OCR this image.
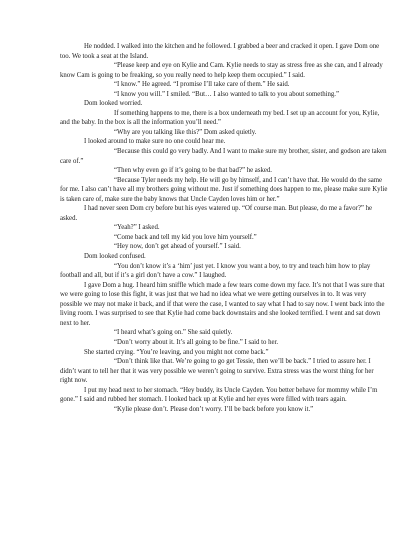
He nodded. I walked into the kitchen and he followed. I grabbed a beer and cracked it open. I gave Dom one too. We took a seat at the Island.

“Please keep and eye on Kylie and Cam. Kylie needs to stay as stress free as she can, and I already know Cam is going to be freaking, so you really need to help keep them occupied.” I said.

“I know.” He agreed. “I promise I’ll take care of them.” He said.

“I know you will.” I smiled. “But… I also wanted to talk to you about something.”

Dom looked worried.

If something happens to me, there is a box underneath my bed. I set up an account for you, Kylie, and the baby. In the box is all the information you’ll need.”

“Why are you talking like this?” Dom asked quietly.

I looked around to make sure no one could hear me.

“Because this could go very badly. And I want to make sure my brother, sister, and godson are taken care of.”

“Then why even go if it’s going to be that bad?” he asked.

“Because Tyler needs my help. He will go by himself, and I can’t have that. He would do the same for me. I also can’t have all my brothers going without me. Just if something does happen to me, please make sure Kylie is taken care of, make sure the baby knows that Uncle Cayden loves him or her.”

I had never seen Dom cry before but his eyes watered up. “Of course man. But please, do me a favor?” he asked.

“Yeah?” I asked.

“Come back and tell my kid you love him yourself.”

“Hey now, don’t get ahead of yourself.” I said.

Dom looked confused.

“You don’t know it’s a ‘him’ just yet. I know you want a boy, to try and teach him how to play football and all, but if it’s a girl don’t have a cow.” I laughed.

I gave Dom a hug. I heard him sniffle which made a few tears come down my face. It’s not that I was sure that we were going to lose this fight, it was just that we had no idea what we were getting ourselves in to. It was very possible we may not make it back, and if that were the case, I wanted to say what I had to say now. I went back into the living room. I was surprised to see that Kylie had come back downstairs and she looked terrified. I went and sat down next to her.

“I heard what’s going on.” She said quietly.

“Don’t worry about it. It’s all going to be fine.” I said to her.

She started crying. “You’re leaving, and you might not come back.”

“Don’t think like that. We’re going to go get Tessie, then we’ll be back.” I tried to assure her. I didn’t want to tell her that it was very possible we weren’t going to survive. Extra stress was the worst thing for her right now.

I put my head next to her stomach. “Hey buddy, its Uncle Cayden. You better behave for mommy while I’m gone.” I said and rubbed her stomach. I looked back up at Kylie and her eyes were filled with tears again.

“Kylie please don’t. Please don’t worry. I’ll be back before you know it.”
